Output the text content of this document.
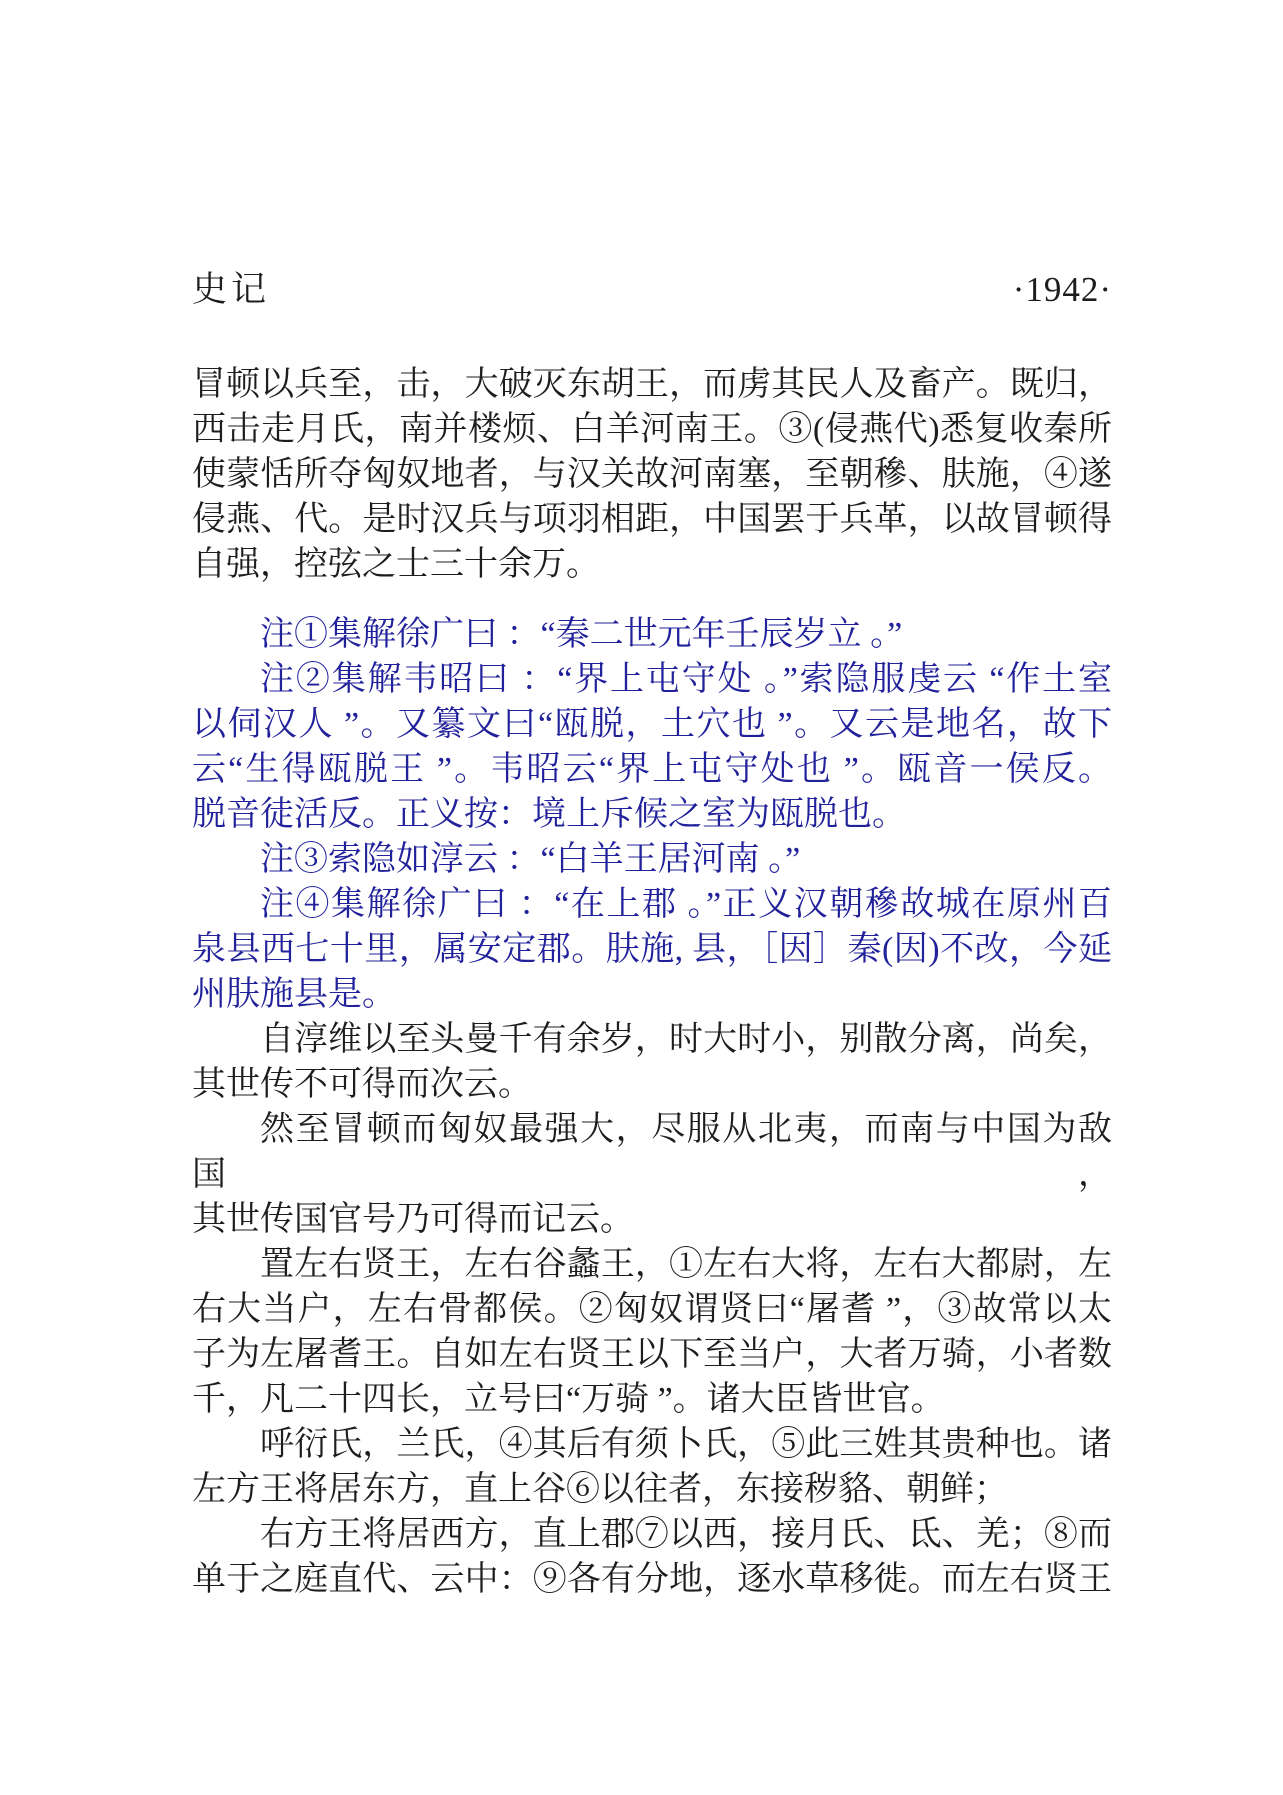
史记	·1942·
冒顿以兵至，击，大破灭东胡王，而虏其民人及畜产。既归，
西击走月氏，南并楼烦、白羊河南王。③(侵燕代)悉复收秦所
使蒙恬所夺匈奴地者，与汉关故河南塞，至朝穇、肤施，④遂
侵燕、代。是时汉兵与项羽相距，中国罢于兵革，以故冒顿得
自强，控弦之士三十余万。
注①集解徐广曰 ：“秦二世元年壬辰岁立 。”
注②集解韦昭曰 ：“界上屯守处 。”索隐服虔云 “作土室
以伺汉人 ”。又纂文曰“瓯脱，土穴也 ”。又云是地名，故下
云“生得瓯脱王 ”。韦昭云“界上屯守处也 ”。瓯音一侯反。
脱音徒活反。正义按：境上斥候之室为瓯脱也。
注③索隐如淳云 ：“白羊王居河南 。”
注④集解徐广曰 ：“在上郡 。”正义汉朝穇故城在原州百
泉县西七十里，属安定郡。肤施, 县，［因］秦(因)不改，今延
州肤施县是。
自淳维以至头曼千有余岁，时大时小，别散分离，尚矣，
其世传不可得而次云。
然至冒顿而匈奴最强大，尽服从北夷，而南与中国为敌国，
其世传国官号乃可得而记云。
置左右贤王，左右谷蠡王，①左右大将，左右大都尉，左
右大当户，左右骨都侯。②匈奴谓贤曰“屠耆 ”，③故常以太
子为左屠耆王。自如左右贤王以下至当户，大者万骑，小者数
千，凡二十四长，立号曰“万骑 ”。诸大臣皆世官。
呼衍氏，兰氏，④其后有须卜氏，⑤此三姓其贵种也。诸
左方王将居东方，直上谷⑥以往者，东接秽貉、朝鲜；
右方王将居西方，直上郡⑦以西，接月氏、氐、羌；⑧而
单于之庭直代、云中：⑨各有分地，逐水草移徙。而左右贤王
